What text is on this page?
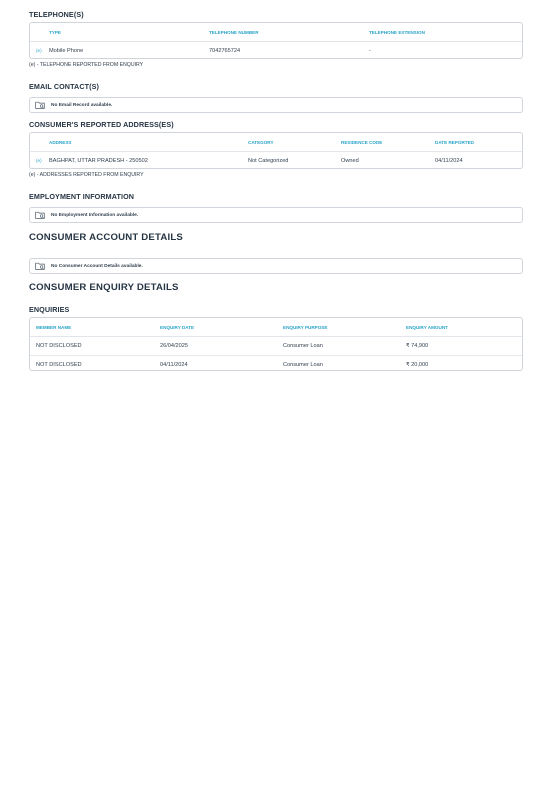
TELEPHONE(S)
	TYPE	TELEPHONE NUMBER	TELEPHONE EXTENSION
(e)	Mobile Phone	7042765724	-
(e) - TELEPHONE REPORTED FROM ENQUIRY
EMAIL CONTACT(S)
No Email Record available.
CONSUMER'S REPORTED ADDRESS(ES)
	ADDRESS	CATEGORY	RESIDENCE CODE	DATE REPORTED
(e)	BAGHPAT, UTTAR PRADESH - 250502	Not Categorized	Owned	04/11/2024
(e) - ADDRESSES REPORTED FROM ENQUIRY
EMPLOYMENT INFORMATION
No Employment Information available.
CONSUMER ACCOUNT DETAILS
No Consumer Account Details available.
CONSUMER ENQUIRY DETAILS
ENQUIRIES
MEMBER NAME	ENQUIRY DATE	ENQUIRY PURPOSE	ENQUIRY AMOUNT
NOT DISCLOSED	26/04/2025	Consumer Loan	₹ 74,900
NOT DISCLOSED	04/11/2024	Consumer Loan	₹ 20,000
